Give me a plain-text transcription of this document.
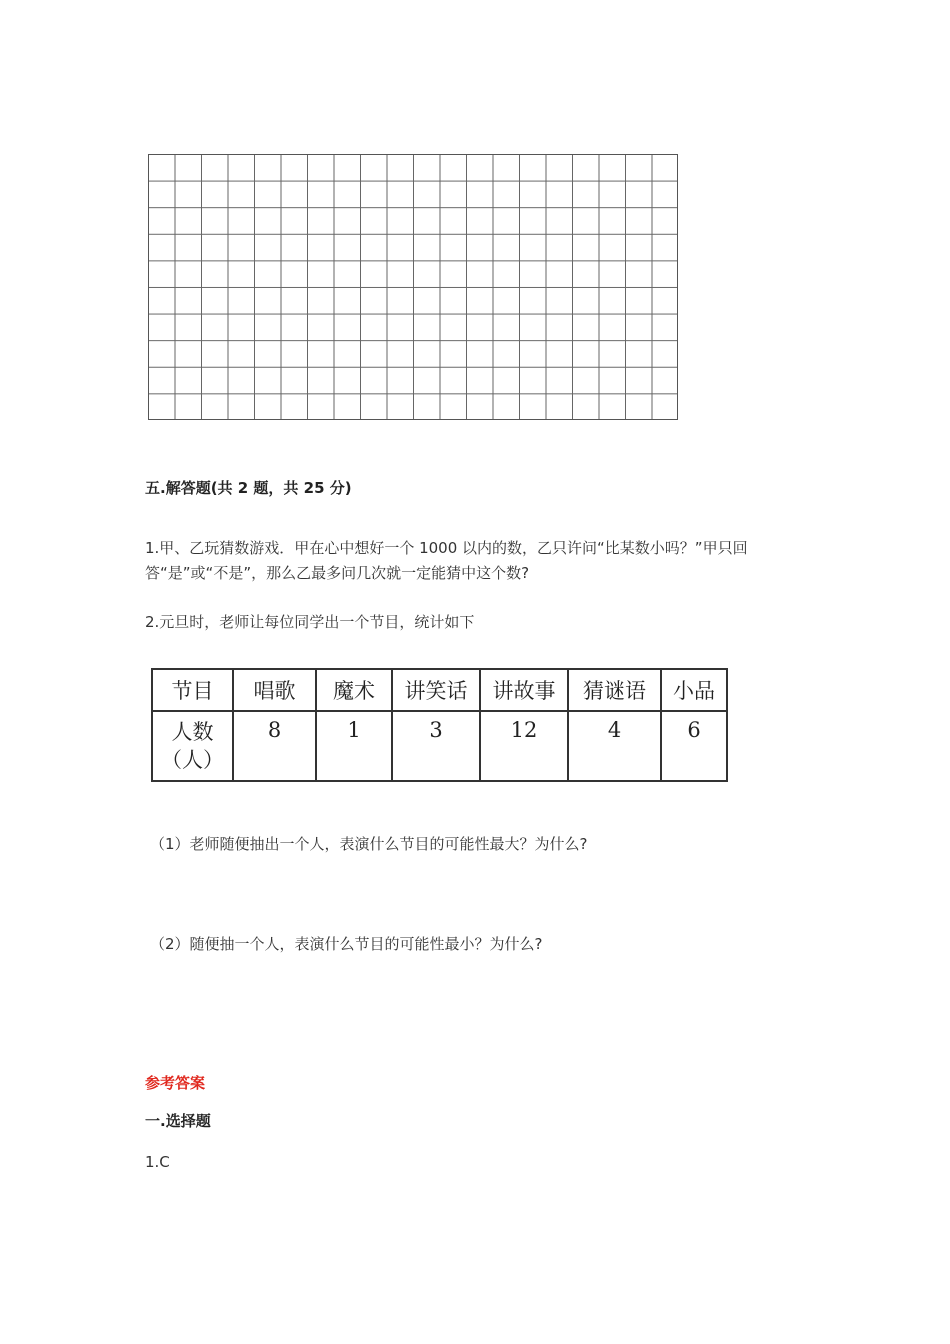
五.解答题(共 2 题，共 25 分)
1.甲、乙玩猜数游戏．甲在心中想好一个 1000 以内的数，乙只许问“比某数小吗？”甲只回答“是”或“不是”，那么乙最多问几次就一定能猜中这个数?
2.元旦时，老师让每位同学出一个节目，统计如下
节目	唱歌	魔术	讲笑话	讲故事	猜谜语	小品

人数
（人）	8	1	3	12	4	6
（1）老师随便抽出一个人，表演什么节目的可能性最大？为什么?
（2）随便抽一个人，表演什么节目的可能性最小？为什么?
参考答案
一.选择题
1.C
